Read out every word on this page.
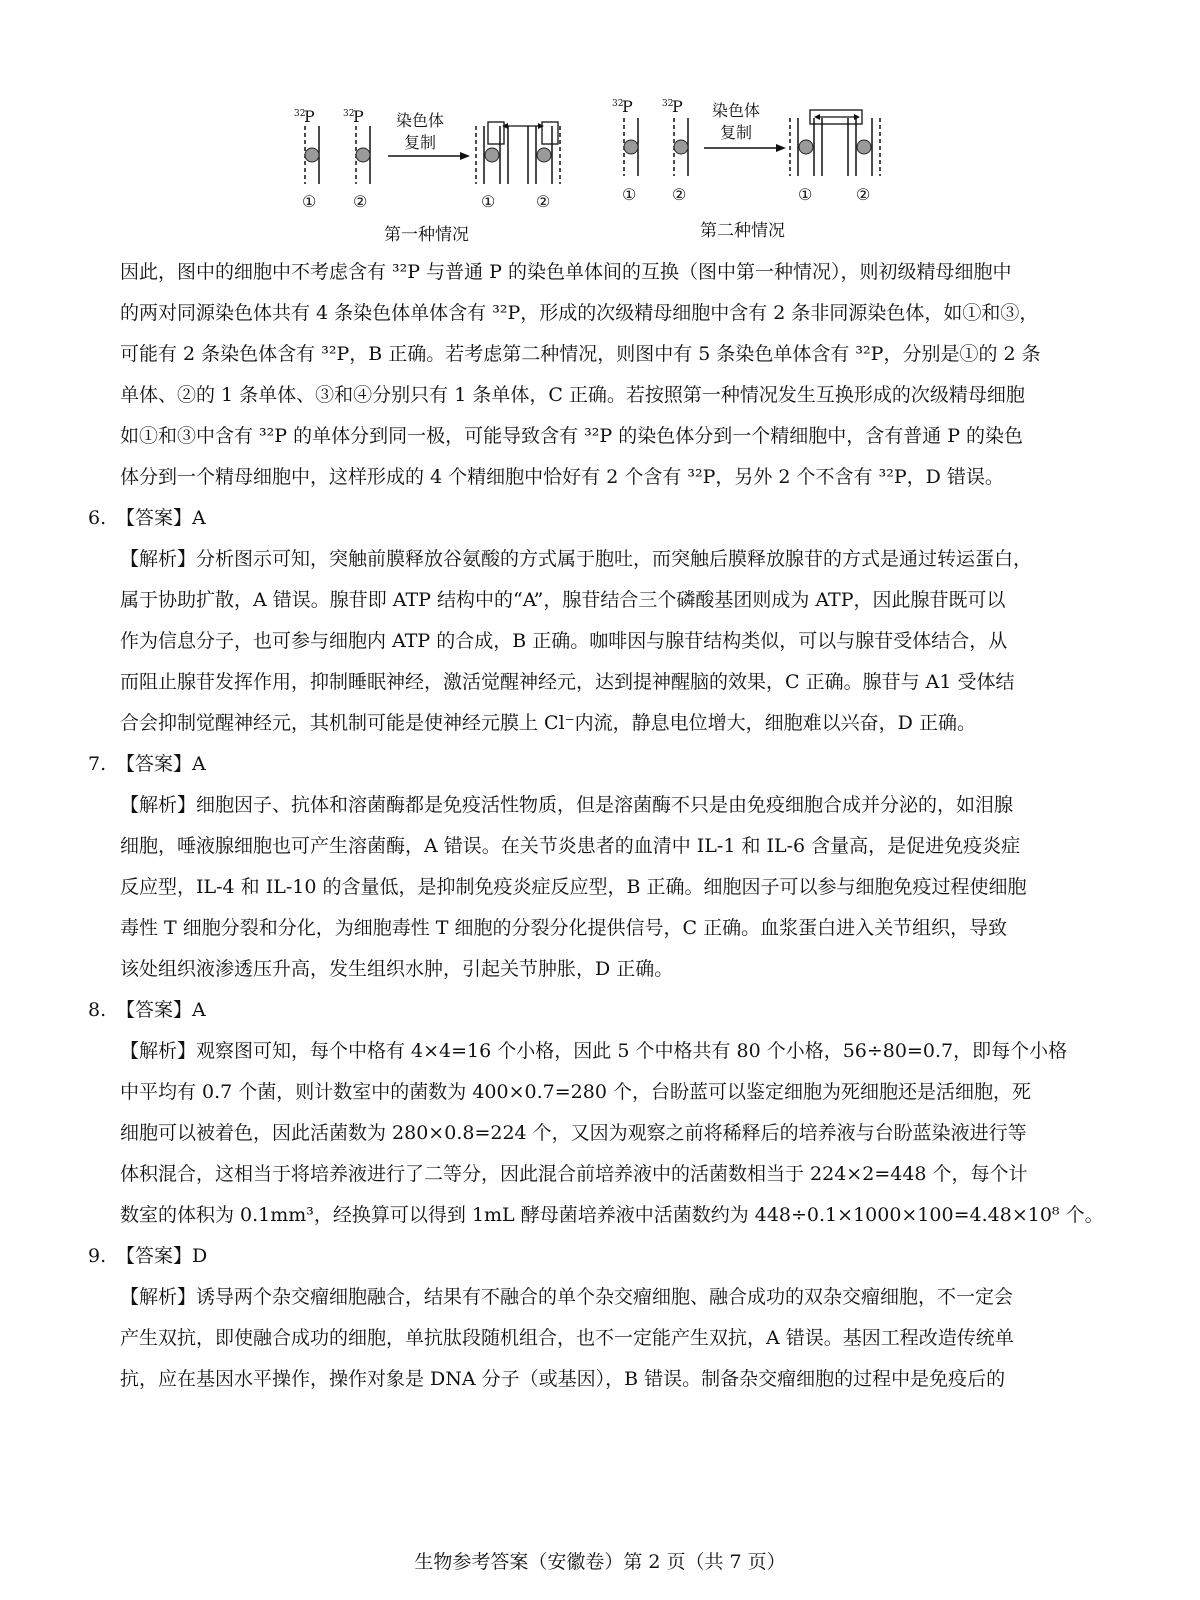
32
P
①
32
P
②
染色体
复制
①	②
第一种情况
32
P
①
32
P
②
染色体
复制
①	②
第二种情况

因此，图中的细胞中不考虑含有 ³²P 与普通 P 的染色单体间的互换（图中第一种情况），则初级精母细胞中

的两对同源染色体共有 4 条染色体单体含有 ³²P，形成的次级精母细胞中含有 2 条非同源染色体，如①和③，

可能有 2 条染色体含有 ³²P，B 正确。若考虑第二种情况，则图中有 5 条染色单体含有 ³²P，分别是①的 2 条

单体、②的 1 条单体、③和④分别只有 1 条单体，C 正确。若按照第一种情况发生互换形成的次级精母细胞

如①和③中含有 ³²P 的单体分到同一极，可能导致含有 ³²P 的染色体分到一个精细胞中，含有普通 P 的染色

体分到一个精母细胞中，这样形成的 4 个精细胞中恰好有 2 个含有 ³²P，另外 2 个不含有 ³²P，D 错误。

6. 【答案】A

【解析】分析图示可知，突触前膜释放谷氨酸的方式属于胞吐，而突触后膜释放腺苷的方式是通过转运蛋白，

属于协助扩散，A 错误。腺苷即 ATP 结构中的“A”，腺苷结合三个磷酸基团则成为 ATP，因此腺苷既可以

作为信息分子，也可参与细胞内 ATP 的合成，B 正确。咖啡因与腺苷结构类似，可以与腺苷受体结合，从

而阻止腺苷发挥作用，抑制睡眠神经，激活觉醒神经元，达到提神醒脑的效果，C 正确。腺苷与 A1 受体结

合会抑制觉醒神经元，其机制可能是使神经元膜上 Cl⁻内流，静息电位增大，细胞难以兴奋，D 正确。

7. 【答案】A

【解析】细胞因子、抗体和溶菌酶都是免疫活性物质，但是溶菌酶不只是由免疫细胞合成并分泌的，如泪腺

细胞，唾液腺细胞也可产生溶菌酶，A 错误。在关节炎患者的血清中 IL-1 和 IL-6 含量高，是促进免疫炎症

反应型，IL-4 和 IL-10 的含量低，是抑制免疫炎症反应型，B 正确。细胞因子可以参与细胞免疫过程使细胞

毒性 T 细胞分裂和分化，为细胞毒性 T 细胞的分裂分化提供信号，C 正确。血浆蛋白进入关节组织，导致

该处组织液渗透压升高，发生组织水肿，引起关节肿胀，D 正确。

8. 【答案】A

【解析】观察图可知，每个中格有 4×4=16 个小格，因此 5 个中格共有 80 个小格，56÷80=0.7，即每个小格

中平均有 0.7 个菌，则计数室中的菌数为 400×0.7=280 个，台盼蓝可以鉴定细胞为死细胞还是活细胞，死

细胞可以被着色，因此活菌数为 280×0.8=224 个，又因为观察之前将稀释后的培养液与台盼蓝染液进行等

体积混合，这相当于将培养液进行了二等分，因此混合前培养液中的活菌数相当于 224×2=448 个，每个计

数室的体积为 0.1mm³，经换算可以得到 1mL 酵母菌培养液中活菌数约为 448÷0.1×1000×100=4.48×10⁸ 个。

9. 【答案】D

【解析】诱导两个杂交瘤细胞融合，结果有不融合的单个杂交瘤细胞、融合成功的双杂交瘤细胞，不一定会

产生双抗，即使融合成功的细胞，单抗肽段随机组合，也不一定能产生双抗，A 错误。基因工程改造传统单

抗，应在基因水平操作，操作对象是 DNA 分子（或基因），B 错误。制备杂交瘤细胞的过程中是免疫后的

生物参考答案（安徽卷）第 2 页（共 7 页）
